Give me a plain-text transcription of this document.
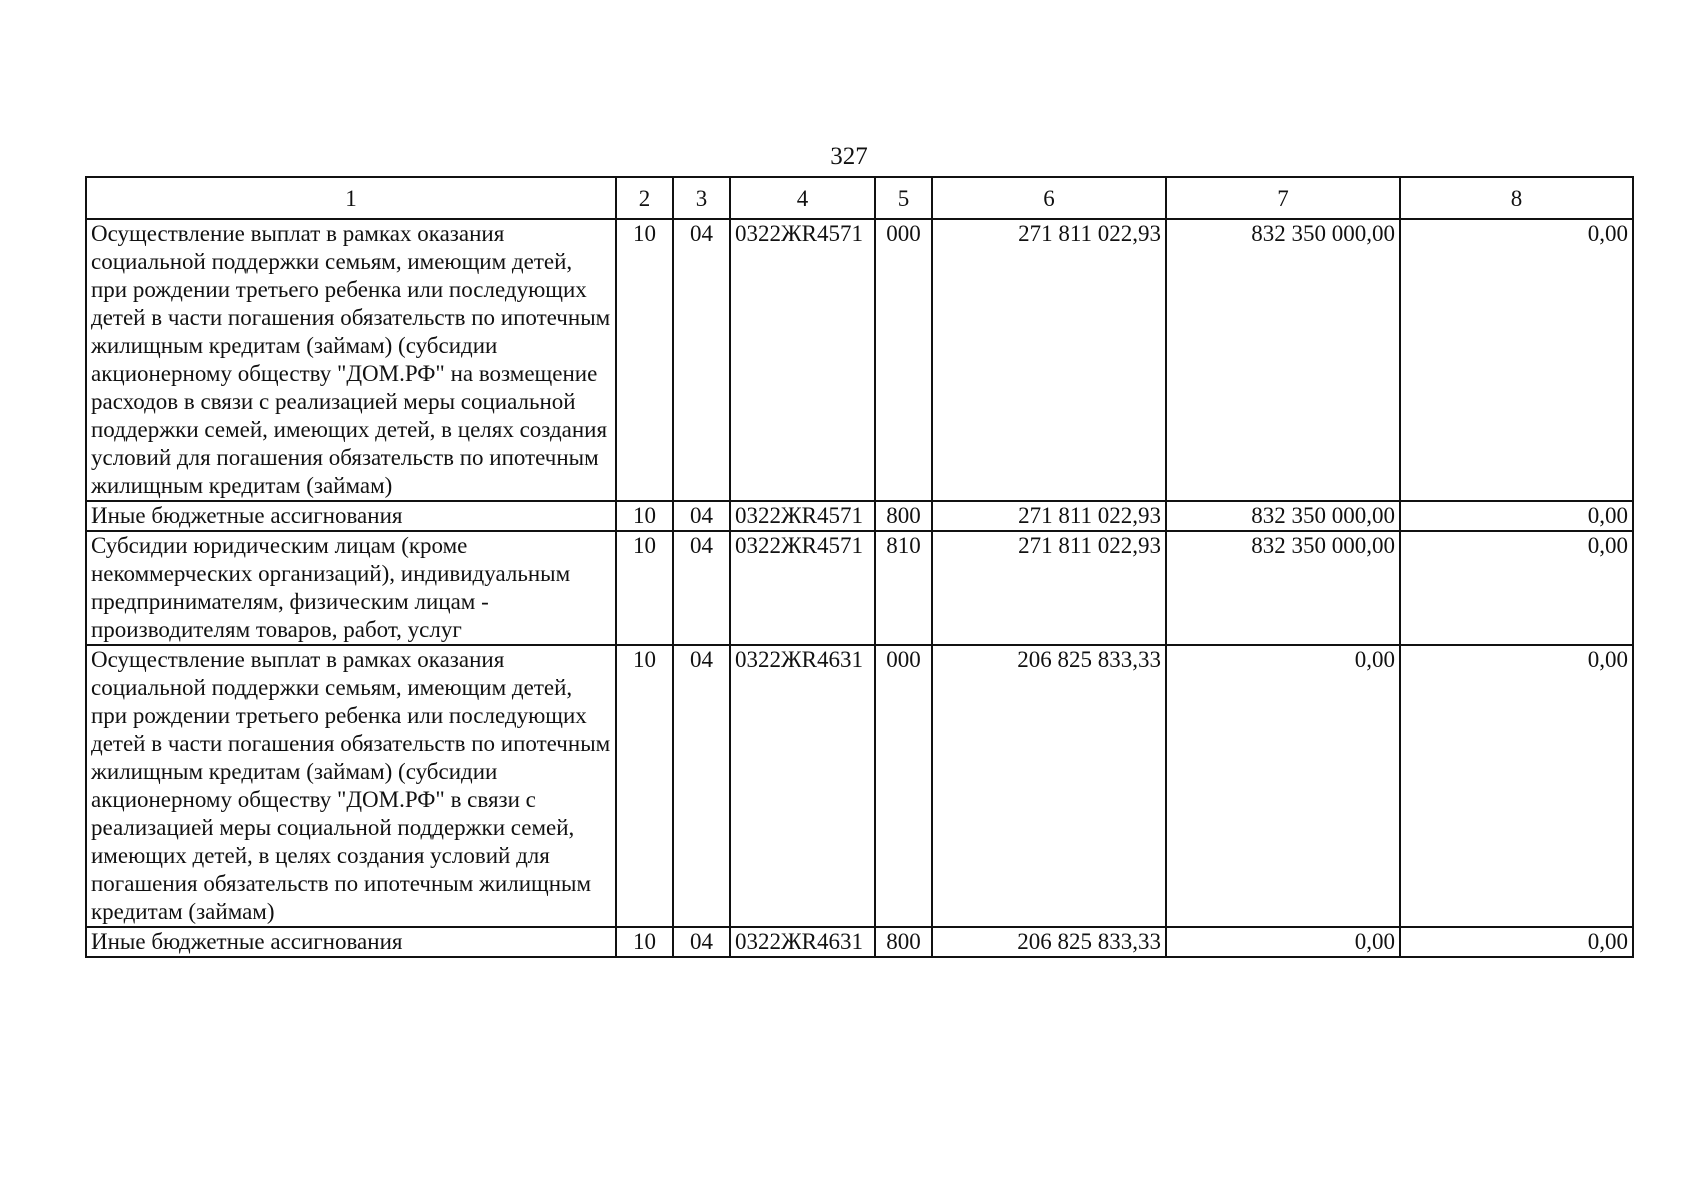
327
1	2	3	4	5	6	7	8
Осуществление выплат в рамках оказания социальной поддержки семьям, имеющим детей, при рождении третьего ребенка или последующих детей в части погашения обязательств по ипотечным жилищным кредитам (займам) (субсидии акционерному обществу "ДОМ.РФ" на возмещение расходов в связи с реализацией меры социальной поддержки семей, имеющих детей, в целях создания условий для погашения обязательств по ипотечным жилищным кредитам (займам)	10	04	0322ЖR4571	000	271 811 022,93	832 350 000,00	0,00
Иные бюджетные ассигнования	10	04	0322ЖR4571	800	271 811 022,93	832 350 000,00	0,00
Субсидии юридическим лицам (кроме некоммерческих организаций), индивидуальным предпринимателям, физическим лицам - производителям товаров, работ, услуг	10	04	0322ЖR4571	810	271 811 022,93	832 350 000,00	0,00
Осуществление выплат в рамках оказания социальной поддержки семьям, имеющим детей, при рождении третьего ребенка или последующих детей в части погашения обязательств по ипотечным жилищным кредитам (займам) (субсидии акционерному обществу "ДОМ.РФ" в связи с реализацией меры социальной поддержки семей, имеющих детей, в целях создания условий для погашения обязательств по ипотечным жилищным кредитам (займам)	10	04	0322ЖR4631	000	206 825 833,33	0,00	0,00
Иные бюджетные ассигнования	10	04	0322ЖR4631	800	206 825 833,33	0,00	0,00
